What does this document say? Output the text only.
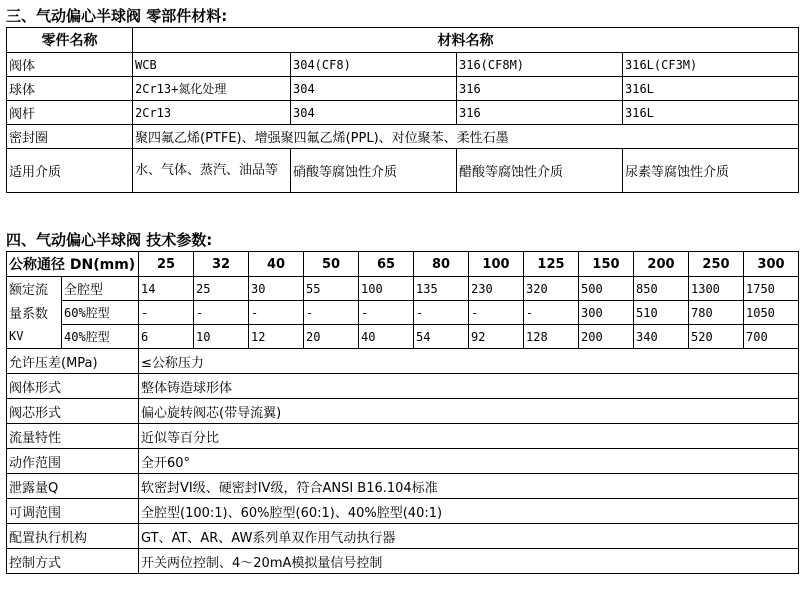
三、气动偏心半球阀 零部件材料:
零件名称	材料名称			
阀体	WCB	304(CF8)	316(CF8M)	316L(CF3M)
球体	2Cr13+氮化处理	304	316	316L
阀杆	2Cr13	304	316	316L
密封圈	聚四氟乙烯(PTFE)、增强聚四氟乙烯(PPL)、对位聚苯、柔性石墨			
适用介质	水、气体、蒸汽、油品等	硝酸等腐蚀性介质	醋酸等腐蚀性介质	尿素等腐蚀性介质
四、气动偏心半球阀 技术参数:
公称通径 DN(mm)		25	32	40	50	65	80	100	125	150	200	250	300
额定流	全腔型	14	25	30	55	100	135	230	320	500	850	1300	1750
量系数	60%腔型	-	-	-	-	-	-	-	-	300	510	780	1050
KV	40%腔型	6	10	12	20	40	54	92	128	200	340	520	700
允许压差(MPa)		≤公称压力											
阀体形式		整体铸造球形体											
阀芯形式		偏心旋转阀芯(带导流翼)											
流量特性		近似等百分比											
动作范围		全开60°											
泄露量Q		软密封VI级、硬密封IV级，符合ANSI B16.104标准											
可调范围		全腔型(100:1)、60%腔型(60:1)、40%腔型(40:1)											
配置执行机构		GT、AT、AR、AW系列单双作用气动执行器											
控制方式		开关两位控制、4～20mA模拟量信号控制											
